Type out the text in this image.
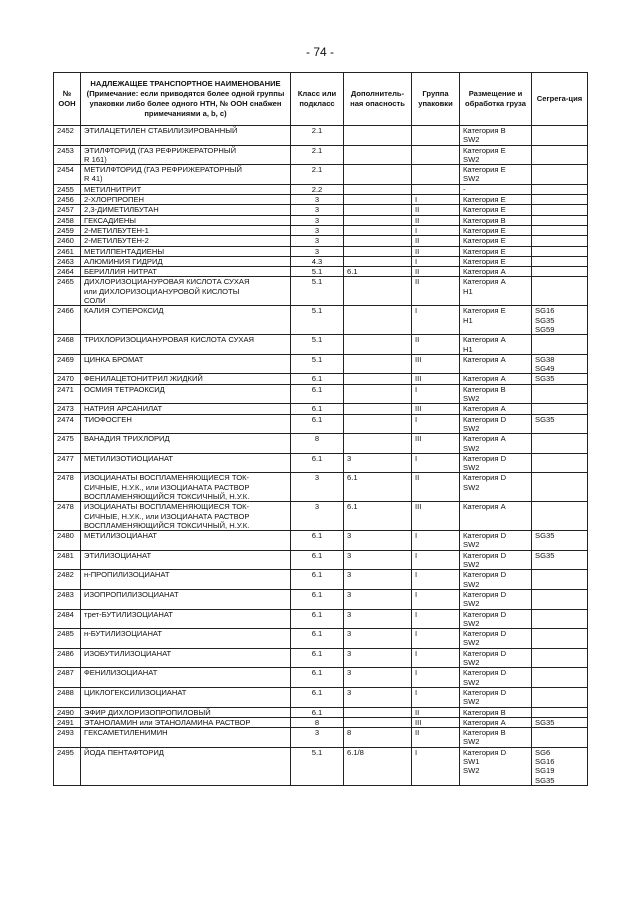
- 74 -
№ ООН	НАДЛЕЖАЩЕЕ ТРАНСПОРТНОЕ НАИМЕНОВАНИЕ (Примечание: если приводятся более одной группы упаковки либо более одного НТН, № ООН снабжен примечаниями a, b, c)	Класс или подкласс	Дополнитель-ная опасность	Группа упаковки	Размещение и обработка груза	Сегрега-ция
2452	ЭТИЛАЦЕТИЛЕН СТАБИЛИЗИРОВАННЫЙ	2.1			Категория B
SW2	

2453	ЭТИЛФТОРИД (ГАЗ РЕФРИЖЕРАТОРНЫЙ
R 161)	2.1			Категория E
SW2	

2454	МЕТИЛФТОРИД (ГАЗ РЕФРИЖЕРАТОРНЫЙ
R 41)	2.1			Категория E
SW2	

2455	МЕТИЛНИТРИТ	2.2			-	

2456	2-ХЛОРПРОПЕН	3		I	Категория E	

2457	2,3-ДИМЕТИЛБУТАН	3		II	Категория E	

2458	ГЕКСАДИЕНЫ	3		II	Категория B	

2459	2-МЕТИЛБУТЕН-1	3		I	Категория E	

2460	2-МЕТИЛБУТЕН-2	3		II	Категория E	

2461	МЕТИЛПЕНТАДИЕНЫ	3		II	Категория E	

2463	АЛЮМИНИЯ ГИДРИД	4.3		I	Категория E	

2464	БЕРИЛЛИЯ НИТРАТ	5.1	6.1	II	Категория A	

2465	ДИХЛОРИЗОЦИАНУРОВАЯ КИСЛОТА СУХАЯ
или ДИХЛОРИЗОЦИАНУРОВОЙ КИСЛОТЫ
СОЛИ	5.1		II	Категория A
H1	

2466	КАЛИЯ СУПЕРОКСИД	5.1		I	Категория E
H1	SG16
SG35
SG59

2468	ТРИХЛОРИЗОЦИАНУРОВАЯ КИСЛОТА СУХАЯ	5.1		II	Категория A
H1	

2469	ЦИНКА БРОМАТ	5.1		III	Категория A	SG38
SG49

2470	ФЕНИЛАЦЕТОНИТРИЛ ЖИДКИЙ	6.1		III	Категория A	SG35

2471	ОСМИЯ ТЕТРАОКСИД	6.1		I	Категория B
SW2	

2473	НАТРИЯ АРСАНИЛАТ	6.1		III	Категория A	

2474	ТИОФОСГЕН	6.1		I	Категория D
SW2	SG35

2475	ВАНАДИЯ ТРИХЛОРИД	8		III	Категория A
SW2	

2477	МЕТИЛИЗОТИОЦИАНАТ	6.1	3	I	Категория D
SW2	

2478	ИЗОЦИАНАТЫ ВОСПЛАМЕНЯЮЩИЕСЯ ТОК-
СИЧНЫЕ, Н.У.К., или ИЗОЦИАНАТА РАСТВОР
ВОСПЛАМЕНЯЮЩИЙСЯ ТОКСИЧНЫЙ, Н.У.К.	3	6.1	II	Категория D
SW2	

2478	ИЗОЦИАНАТЫ ВОСПЛАМЕНЯЮЩИЕСЯ ТОК-
СИЧНЫЕ, Н.У.К., или ИЗОЦИАНАТА РАСТВОР
ВОСПЛАМЕНЯЮЩИЙСЯ ТОКСИЧНЫЙ, Н.У.К.	3	6.1	III	Категория A	

2480	МЕТИЛИЗОЦИАНАТ	6.1	3	I	Категория D
SW2	SG35

2481	ЭТИЛИЗОЦИАНАТ	6.1	3	I	Категория D
SW2	SG35

2482	н-ПРОПИЛИЗОЦИАНАТ	6.1	3	I	Категория D
SW2	

2483	ИЗОПРОПИЛИЗОЦИАНАТ	6.1	3	I	Категория D
SW2	

2484	трет-БУТИЛИЗОЦИАНАТ	6.1	3	I	Категория D
SW2	

2485	н-БУТИЛИЗОЦИАНАТ	6.1	3	I	Категория D
SW2	

2486	ИЗОБУТИЛИЗОЦИАНАТ	6.1	3	I	Категория D
SW2	

2487	ФЕНИЛИЗОЦИАНАТ	6.1	3	I	Категория D
SW2	

2488	ЦИКЛОГЕКСИЛИЗОЦИАНАТ	6.1	3	I	Категория D
SW2	

2490	ЭФИР ДИХЛОРИЗОПРОПИЛОВЫЙ	6.1		II	Категория B	

2491	ЭТАНОЛАМИН или ЭТАНОЛАМИНА РАСТВОР	8		III	Категория A	SG35

2493	ГЕКСАМЕТИЛЕНИМИН	3	8	II	Категория B
SW2	

2495	ЙОДА ПЕНТАФТОРИД	5.1	6.1/8	I	Категория D
SW1
SW2	SG6
SG16
SG19
SG35
